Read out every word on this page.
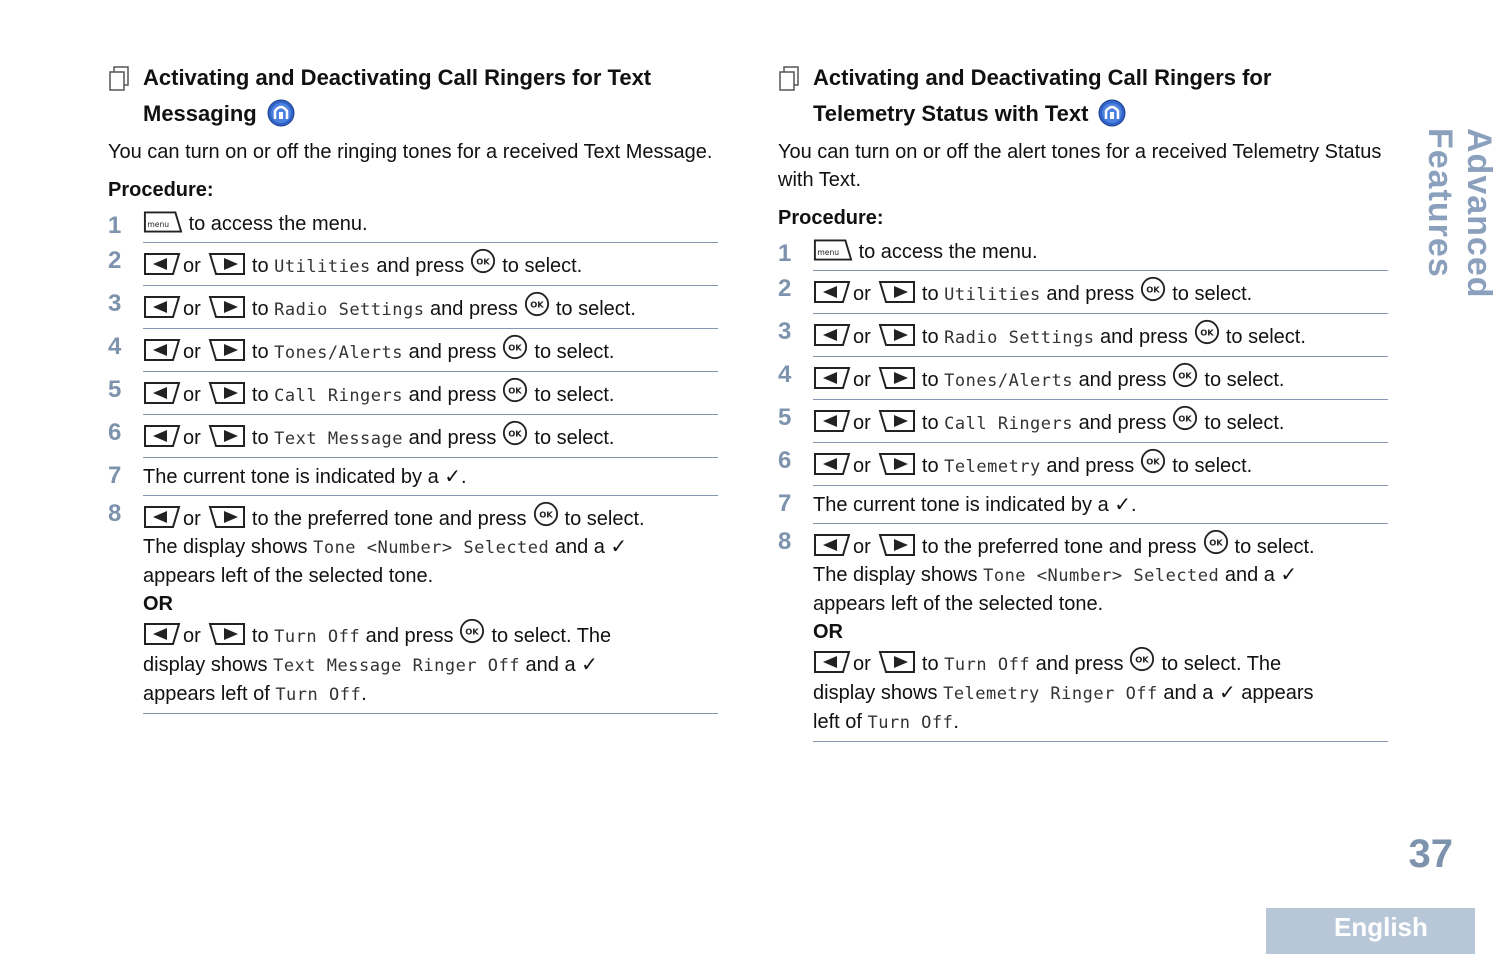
Activating and Deactivating Call Ringers for Text
Messaging
You can turn on or off the ringing tones for a received Text Message.
Procedure:
1	to access the menu.
2	or	to Utilities and press to select.
3	or	to Radio Settings and press to select.
4	or	to Tones/Alerts and press to select.
5	or	to Call Ringers and press to select.
6	or	to Text Message and press to select.
7	The current tone is indicated by a ✓.
8	or	to the preferred tone and press to select.
The display shows Tone <Number> Selected and a ✓
appears left of the selected tone.
OR
or	to Turn Off and press to select. The
display shows Text Message Ringer Off and a ✓
appears left of Turn Off.
Activating and Deactivating Call Ringers for
Telemetry Status with Text
You can turn on or off the alert tones for a received Telemetry Status with Text.
Procedure:
1	to access the menu.
2	or	to Utilities and press to select.
3	or	to Radio Settings and press to select.
4	or	to Tones/Alerts and press to select.
5	or	to Call Ringers and press to select.
6	or	to Telemetry and press to select.
7	The current tone is indicated by a ✓.
8	or	to the preferred tone and press to select.
The display shows Tone <Number> Selected and a ✓
appears left of the selected tone.
OR
or	to Turn Off and press to select. The
display shows Telemetry Ringer Off and a ✓ appears
left of Turn Off.
Advanced Features
37
English
